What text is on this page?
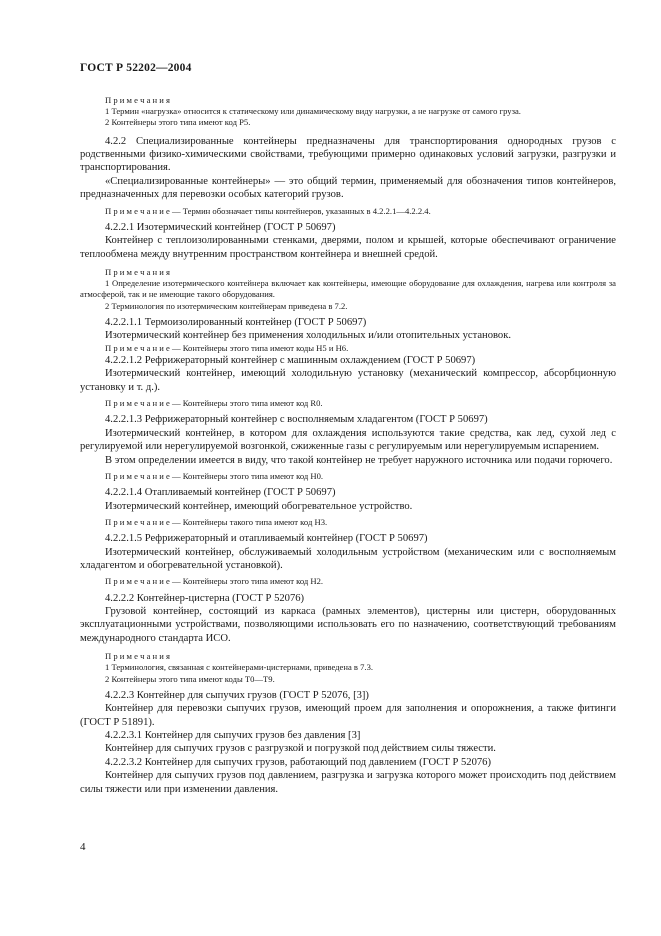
ГОСТ Р 52202—2004
П р и м е ч а н и я
1 Термин «нагрузка» относится к статическому или динамическому виду нагрузки, а не нагрузке от самого груза.
2 Контейнеры этого типа имеют код Р5.
4.2.2 Специализированные контейнеры предназначены для транспортирования однородных грузов с родственными физико-химическими свойствами, требующими примерно одинаковых условий загрузки, разгрузки и транспортирования.
«Специализированные контейнеры» — это общий термин, применяемый для обозначения типов контейнеров, предназначенных для перевозки особых категорий грузов.
П р и м е ч а н и е — Термин обозначает типы контейнеров, указанных в 4.2.2.1—4.2.2.4.
4.2.2.1 Изотермический контейнер (ГОСТ Р 50697)
Контейнер с теплоизолированными стенками, дверями, полом и крышей, которые обеспечивают ограничение теплообмена между внутренним пространством контейнера и внешней средой.
П р и м е ч а н и я
1 Определение изотермического контейнера включает как контейнеры, имеющие оборудование для охлаждения, нагрева или контроля за атмосферой, так и не имеющие такого оборудования.
2 Терминология по изотермическим контейнерам приведена в 7.2.
4.2.2.1.1 Термоизолированный контейнер (ГОСТ Р 50697)
Изотермический контейнер без применения холодильных и/или отопительных установок.
П р и м е ч а н и е — Контейнеры этого типа имеют коды Н5 и Н6.
4.2.2.1.2 Рефрижераторный контейнер с машинным охлаждением (ГОСТ Р 50697)
Изотермический контейнер, имеющий холодильную установку (механический компрессор, абсорбционную установку и т. д.).
П р и м е ч а н и е — Контейнеры этого типа имеют код R0.
4.2.2.1.3 Рефрижераторный контейнер с восполняемым хладагентом (ГОСТ Р 50697)
Изотермический контейнер, в котором для охлаждения используются такие средства, как лед, сухой лед с регулируемой или нерегулируемой возгонкой, сжиженные газы с регулируемым или нерегулируемым испарением.
В этом определении имеется в виду, что такой контейнер не требует наружного источника или подачи горючего.
П р и м е ч а н и е — Контейнеры этого типа имеют код Н0.
4.2.2.1.4 Отапливаемый контейнер (ГОСТ Р 50697)
Изотермический контейнер, имеющий обогревательное устройство.
П р и м е ч а н и е — Контейнеры такого типа имеют код Н3.
4.2.2.1.5 Рефрижераторный и отапливаемый контейнер (ГОСТ Р 50697)
Изотермический контейнер, обслуживаемый холодильным устройством (механическим или с восполняемым хладагентом и обогревательной установкой).
П р и м е ч а н и е — Контейнеры этого типа имеют код Н2.
4.2.2.2 Контейнер-цистерна (ГОСТ Р 52076)
Грузовой контейнер, состоящий из каркаса (рамных элементов), цистерны или цистерн, оборудованных эксплуатационными устройствами, позволяющими использовать его по назначению, соответствующий требованиям международного стандарта ИСО.
П р и м е ч а н и я
1 Терминология, связанная с контейнерами-цистернами, приведена в 7.3.
2 Контейнеры этого типа имеют коды Т0—Т9.
4.2.2.3 Контейнер для сыпучих грузов (ГОСТ Р 52076, [3])
Контейнер для перевозки сыпучих грузов, имеющий проем для заполнения и опорожнения, а также фитинги (ГОСТ Р 51891).
4.2.2.3.1 Контейнер для сыпучих грузов без давления [3]
Контейнер для сыпучих грузов с разгрузкой и погрузкой под действием силы тяжести.
4.2.2.3.2 Контейнер для сыпучих грузов, работающий под давлением (ГОСТ Р 52076)
Контейнер для сыпучих грузов под давлением, разгрузка и загрузка которого может происходить под действием силы тяжести или при изменении давления.
4
